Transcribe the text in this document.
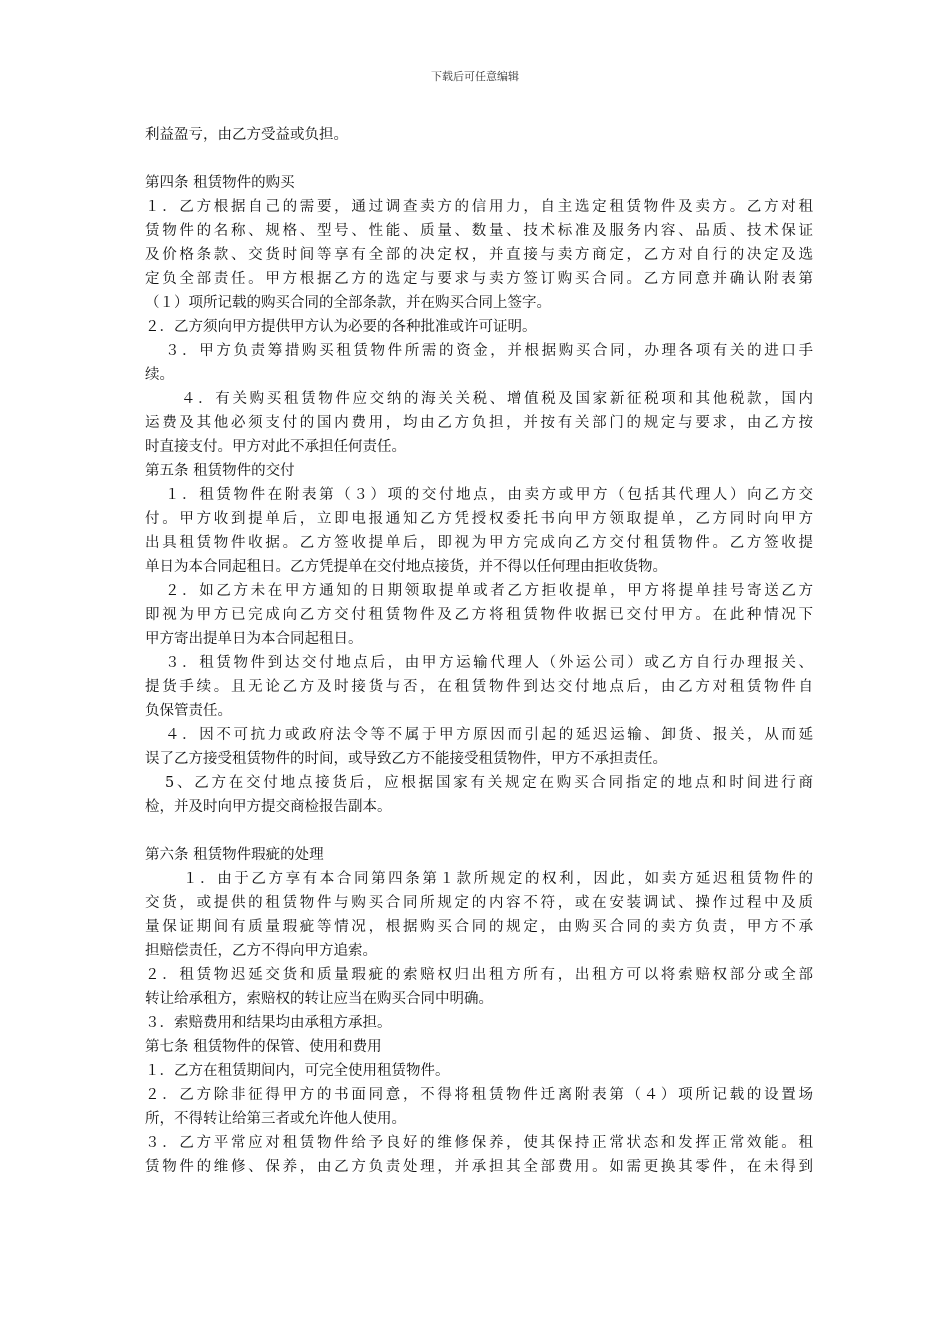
下载后可任意编辑
利益盈亏，由乙方受益或负担。
第四条 租赁物件的购买
１．乙方根据自己的需要，通过调查卖方的信用力，自主选定租赁物件及卖方。乙方对租
赁物件的名称、规格、型号、性能、质量、数量、技术标准及服务内容、品质、技术保证
及价格条款、交货时间等享有全部的决定权，并直接与卖方商定，乙方对自行的决定及选
定负全部责任。甲方根据乙方的选定与要求与卖方签订购买合同。乙方同意并确认附表第
（１）项所记载的购买合同的全部条款，并在购买合同上签字。
２．乙方须向甲方提供甲方认为必要的各种批准或许可证明。
３．甲方负责筹措购买租赁物件所需的资金，并根据购买合同，办理各项有关的进口手
续。
４．有关购买租赁物件应交纳的海关关税、增值税及国家新征税项和其他税款，国内
运费及其他必须支付的国内费用，均由乙方负担，并按有关部门的规定与要求，由乙方按
时直接支付。甲方对此不承担任何责任。
第五条 租赁物件的交付
１．租赁物件在附表第（３）项的交付地点，由卖方或甲方（包括其代理人）向乙方交
付。甲方收到提单后，立即电报通知乙方凭授权委托书向甲方领取提单，乙方同时向甲方
出具租赁物件收据。乙方签收提单后，即视为甲方完成向乙方交付租赁物件。乙方签收提
单日为本合同起租日。乙方凭提单在交付地点接货，并不得以任何理由拒收货物。
２．如乙方未在甲方通知的日期领取提单或者乙方拒收提单，甲方将提单挂号寄送乙方
即视为甲方已完成向乙方交付租赁物件及乙方将租赁物件收据已交付甲方。在此种情况下
甲方寄出提单日为本合同起租日。
３．租赁物件到达交付地点后，由甲方运输代理人（外运公司）或乙方自行办理报关、
提货手续。且无论乙方及时接货与否，在租赁物件到达交付地点后，由乙方对租赁物件自
负保管责任。
４．因不可抗力或政府法令等不属于甲方原因而引起的延迟运输、卸货、报关，从而延
误了乙方接受租赁物件的时间，或导致乙方不能接受租赁物件，甲方不承担责任。
5、乙方在交付地点接货后，应根据国家有关规定在购买合同指定的地点和时间进行商
检，并及时向甲方提交商检报告副本。
第六条 租赁物件瑕疵的处理
１．由于乙方享有本合同第四条第１款所规定的权利，因此，如卖方延迟租赁物件的
交货，或提供的租赁物件与购买合同所规定的内容不符，或在安装调试、操作过程中及质
量保证期间有质量瑕疵等情况，根据购买合同的规定，由购买合同的卖方负责，甲方不承
担赔偿责任，乙方不得向甲方追索。
２．租赁物迟延交货和质量瑕疵的索赔权归出租方所有，出租方可以将索赔权部分或全部
转让给承租方，索赔权的转让应当在购买合同中明确。
３．索赔费用和结果均由承租方承担。
第七条 租赁物件的保管、使用和费用
１．乙方在租赁期间内，可完全使用租赁物件。
２．乙方除非征得甲方的书面同意，不得将租赁物件迁离附表第（４）项所记载的设置场
所，不得转让给第三者或允许他人使用。
３．乙方平常应对租赁物件给予良好的维修保养，使其保持正常状态和发挥正常效能。租
赁物件的维修、保养，由乙方负责处理，并承担其全部费用。如需更换其零件，在未得到
